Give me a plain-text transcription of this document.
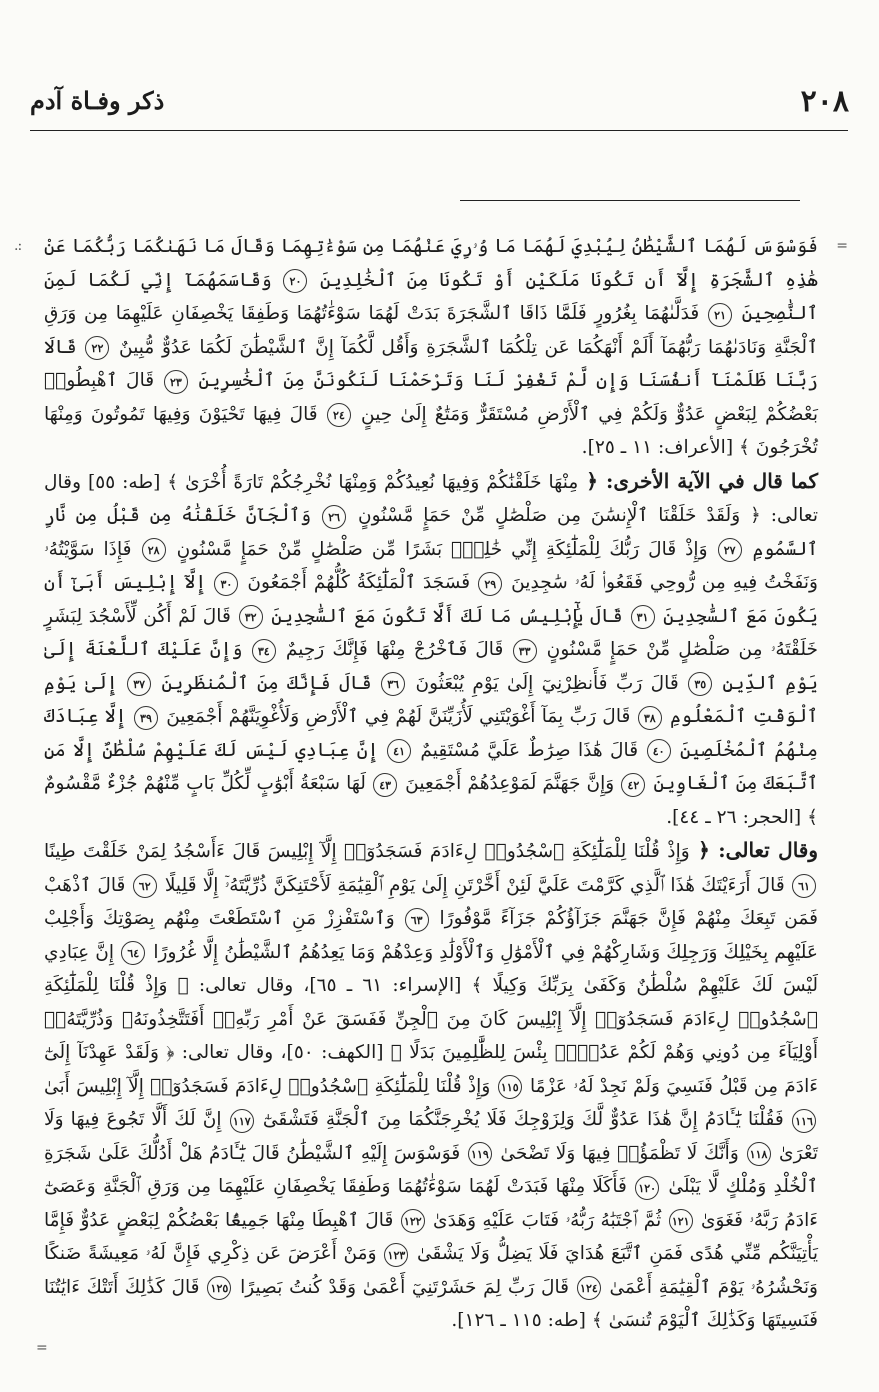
٢٠٨
ذكر وفـاة آدم
=
.:
=

فَوَسْوَسَ لَهُمَا ٱلشَّيْطَٰنُ لِيُبْدِيَ لَهُمَا مَا وُۥرِيَ عَنْهُمَا مِن سَوْءَٰتِهِمَا وَقَالَ مَا نَهَىٰكُمَا رَبُّكُمَا عَنْ هَٰذِهِ ٱلشَّجَرَةِ إِلَّآ أَن تَكُونَا مَلَكَيْنِ أَوْ تَكُونَا مِنَ ٱلْخَٰلِدِينَ ٢٠ وَقَاسَمَهُمَآ إِنِّي لَكُمَا لَمِنَ ٱلنَّٰصِحِينَ ٢١ فَدَلَّىٰهُمَا بِغُرُورٍ فَلَمَّا ذَاقَا ٱلشَّجَرَةَ بَدَتْ لَهُمَا سَوْءَٰتُهُمَا وَطَفِقَا يَخْصِفَانِ عَلَيْهِمَا مِن وَرَقِ ٱلْجَنَّةِ وَنَادَىٰهُمَا رَبُّهُمَآ أَلَمْ أَنْهَكُمَا عَن تِلْكُمَا ٱلشَّجَرَةِ وَأَقُل لَّكُمَآ إِنَّ ٱلشَّيْطَٰنَ لَكُمَا عَدُوٌّ مُّبِينٌ ٢٢ قَالَا رَبَّنَا ظَلَمْنَآ أَنفُسَنَا وَإِن لَّمْ تَغْفِرْ لَنَا وَتَرْحَمْنَا لَنَكُونَنَّ مِنَ ٱلْخَٰسِرِينَ ٢٣ قَالَ ٱهْبِطُوا۟ بَعْضُكُمْ لِبَعْضٍ عَدُوٌّ وَلَكُمْ فِي ٱلْأَرْضِ مُسْتَقَرٌّ وَمَتَٰعٌ إِلَىٰ حِينٍ ٢٤ قَالَ فِيهَا تَحْيَوْنَ وَفِيهَا تَمُوتُونَ وَمِنْهَا تُخْرَجُونَ ﴾ [الأعراف: ١١ ـ ٢٥].

كما قال في الآية الأخرى: ﴿ مِنْهَا خَلَقْنَٰكُمْ وَفِيهَا نُعِيدُكُمْ وَمِنْهَا نُخْرِجُكُمْ تَارَةً أُخْرَىٰ ﴾ [طه: ٥٥] وقال تعالى: ﴿ وَلَقَدْ خَلَقْنَا ٱلْإِنسَٰنَ مِن صَلْصَٰلٍ مِّنْ حَمَإٍ مَّسْنُونٍ ٢٦ وَٱلْجَآنَّ خَلَقْنَٰهُ مِن قَبْلُ مِن نَّارِ ٱلسَّمُومِ ٢٧ وَإِذْ قَالَ رَبُّكَ لِلْمَلَٰٓئِكَةِ إِنِّي خَٰلِقٌۢ بَشَرًا مِّن صَلْصَٰلٍ مِّنْ حَمَإٍ مَّسْنُونٍ ٢٨ فَإِذَا سَوَّيْتُهُۥ وَنَفَخْتُ فِيهِ مِن رُّوحِي فَقَعُوا۟ لَهُۥ سَٰجِدِينَ ٢٩ فَسَجَدَ ٱلْمَلَٰٓئِكَةُ كُلُّهُمْ أَجْمَعُونَ ٣٠ إِلَّآ إِبْلِيسَ أَبَىٰٓ أَن يَكُونَ مَعَ ٱلسَّٰجِدِينَ ٣١ قَالَ يَٰٓإِبْلِيسُ مَا لَكَ أَلَّا تَكُونَ مَعَ ٱلسَّٰجِدِينَ ٣٢ قَالَ لَمْ أَكُن لِّأَسْجُدَ لِبَشَرٍ خَلَقْتَهُۥ مِن صَلْصَٰلٍ مِّنْ حَمَإٍ مَّسْنُونٍ ٣٣ قَالَ فَٱخْرُجْ مِنْهَا فَإِنَّكَ رَجِيمٌ ٣٤ وَإِنَّ عَلَيْكَ ٱللَّعْنَةَ إِلَىٰ يَوْمِ ٱلدِّينِ ٣٥ قَالَ رَبِّ فَأَنظِرْنِيٓ إِلَىٰ يَوْمِ يُبْعَثُونَ ٣٦ قَالَ فَإِنَّكَ مِنَ ٱلْمُنظَرِينَ ٣٧ إِلَىٰ يَوْمِ ٱلْوَقْتِ ٱلْمَعْلُومِ ٣٨ قَالَ رَبِّ بِمَآ أَغْوَيْتَنِي لَأُزَيِّنَنَّ لَهُمْ فِي ٱلْأَرْضِ وَلَأُغْوِيَنَّهُمْ أَجْمَعِينَ ٣٩ إِلَّا عِبَادَكَ مِنْهُمُ ٱلْمُخْلَصِينَ ٤٠ قَالَ هَٰذَا صِرَٰطٌ عَلَيَّ مُسْتَقِيمٌ ٤١ إِنَّ عِبَادِي لَيْسَ لَكَ عَلَيْهِمْ سُلْطَٰنٌ إِلَّا مَنِ ٱتَّبَعَكَ مِنَ ٱلْغَاوِينَ ٤٢ وَإِنَّ جَهَنَّمَ لَمَوْعِدُهُمْ أَجْمَعِينَ ٤٣ لَهَا سَبْعَةُ أَبْوَٰبٍ لِّكُلِّ بَابٍ مِّنْهُمْ جُزْءٌ مَّقْسُومٌ ﴾ [الحجر: ٢٦ ـ ٤٤].

وقال تعالى: ﴿ وَإِذْ قُلْنَا لِلْمَلَٰٓئِكَةِ ٱسْجُدُوا۟ لِءَادَمَ فَسَجَدُوٓا۟ إِلَّآ إِبْلِيسَ قَالَ ءَأَسْجُدُ لِمَنْ خَلَقْتَ طِينًا ٦١ قَالَ أَرَءَيْتَكَ هَٰذَا ٱلَّذِي كَرَّمْتَ عَلَيَّ لَئِنْ أَخَّرْتَنِ إِلَىٰ يَوْمِ ٱلْقِيَٰمَةِ لَأَحْتَنِكَنَّ ذُرِّيَّتَهُۥٓ إِلَّا قَلِيلًا ٦٢ قَالَ ٱذْهَبْ فَمَن تَبِعَكَ مِنْهُمْ فَإِنَّ جَهَنَّمَ جَزَآؤُكُمْ جَزَآءً مَّوْفُورًا ٦٣ وَٱسْتَفْزِزْ مَنِ ٱسْتَطَعْتَ مِنْهُم بِصَوْتِكَ وَأَجْلِبْ عَلَيْهِم بِخَيْلِكَ وَرَجِلِكَ وَشَارِكْهُمْ فِي ٱلْأَمْوَٰلِ وَٱلْأَوْلَٰدِ وَعِدْهُمْ وَمَا يَعِدُهُمُ ٱلشَّيْطَٰنُ إِلَّا غُرُورًا ٦٤ إِنَّ عِبَادِي لَيْسَ لَكَ عَلَيْهِمْ سُلْطَٰنٌ وَكَفَىٰ بِرَبِّكَ وَكِيلًا ﴾ [الإسراء: ٦١ ـ ٦٥]، وقال تعالى: ﴿ وَإِذْ قُلْنَا لِلْمَلَٰٓئِكَةِ ٱسْجُدُوا۟ لِءَادَمَ فَسَجَدُوٓا۟ إِلَّآ إِبْلِيسَ كَانَ مِنَ ٱلْجِنِّ فَفَسَقَ عَنْ أَمْرِ رَبِّهِۦٓ أَفَتَتَّخِذُونَهُۥ وَذُرِّيَّتَهُۥٓ أَوْلِيَآءَ مِن دُونِي وَهُمْ لَكُمْ عَدُوٌّۢ بِئْسَ لِلظَّٰلِمِينَ بَدَلًا ﴾ [الكهف: ٥٠]، وقال تعالى: ﴿ وَلَقَدْ عَهِدْنَآ إِلَىٰٓ ءَادَمَ مِن قَبْلُ فَنَسِيَ وَلَمْ نَجِدْ لَهُۥ عَزْمًا ١١٥ وَإِذْ قُلْنَا لِلْمَلَٰٓئِكَةِ ٱسْجُدُوا۟ لِءَادَمَ فَسَجَدُوٓا۟ إِلَّآ إِبْلِيسَ أَبَىٰ ١١٦ فَقُلْنَا يَٰٓـَٔادَمُ إِنَّ هَٰذَا عَدُوٌّ لَّكَ وَلِزَوْجِكَ فَلَا يُخْرِجَنَّكُمَا مِنَ ٱلْجَنَّةِ فَتَشْقَىٰٓ ١١٧ إِنَّ لَكَ أَلَّا تَجُوعَ فِيهَا وَلَا تَعْرَىٰ ١١٨ وَأَنَّكَ لَا تَظْمَؤُا۟ فِيهَا وَلَا تَضْحَىٰ ١١٩ فَوَسْوَسَ إِلَيْهِ ٱلشَّيْطَٰنُ قَالَ يَٰٓـَٔادَمُ هَلْ أَدُلُّكَ عَلَىٰ شَجَرَةِ ٱلْخُلْدِ وَمُلْكٍ لَّا يَبْلَىٰ ١٢٠ فَأَكَلَا مِنْهَا فَبَدَتْ لَهُمَا سَوْءَٰتُهُمَا وَطَفِقَا يَخْصِفَانِ عَلَيْهِمَا مِن وَرَقِ ٱلْجَنَّةِ وَعَصَىٰٓ ءَادَمُ رَبَّهُۥ فَغَوَىٰ ١٢١ ثُمَّ ٱجْتَبَٰهُ رَبُّهُۥ فَتَابَ عَلَيْهِ وَهَدَىٰ ١٢٢ قَالَ ٱهْبِطَا مِنْهَا جَمِيعًۢا بَعْضُكُمْ لِبَعْضٍ عَدُوٌّ فَإِمَّا يَأْتِيَنَّكُم مِّنِّي هُدًى فَمَنِ ٱتَّبَعَ هُدَايَ فَلَا يَضِلُّ وَلَا يَشْقَىٰ ١٢٣ وَمَنْ أَعْرَضَ عَن ذِكْرِي فَإِنَّ لَهُۥ مَعِيشَةً ضَنكًا وَنَحْشُرُهُۥ يَوْمَ ٱلْقِيَٰمَةِ أَعْمَىٰ ١٢٤ قَالَ رَبِّ لِمَ حَشَرْتَنِيٓ أَعْمَىٰ وَقَدْ كُنتُ بَصِيرًا ١٢٥ قَالَ كَذَٰلِكَ أَتَتْكَ ءَايَٰتُنَا فَنَسِيتَهَا وَكَذَٰلِكَ ٱلْيَوْمَ تُنسَىٰ ﴾ [طه: ١١٥ ـ ١٢٦].
